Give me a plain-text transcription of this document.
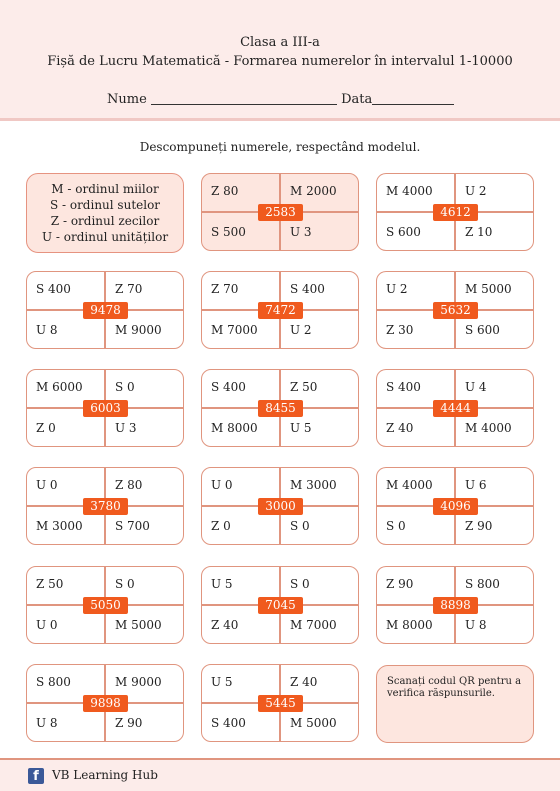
Clasa a III-a
Fișă de Lucru Matematică - Formarea numerelor în intervalul 1-10000
Nume	Data
Descompuneți numerele, respectând modelul.
M - ordinul miilor
S - ordinul sutelor
Z - ordinul zecilor
U - ordinul unităților
Z 80	M 2000
S 500	U 3
2583
M 4000	U 2
S 600	Z 10
4612
S 400	Z 70
U 8	M 9000
9478
Z 70	S 400
M 7000	U 2
7472
U 2	M 5000
Z 30	S 600
5632
M 6000	S 0
Z 0	U 3
6003
S 400	Z 50
M 8000	U 5
8455
S 400	U 4
Z 40	M 4000
4444
U 0	Z 80
M 3000	S 700
3780
U 0	M 3000
Z 0	S 0
3000
M 4000	U 6
S 0	Z 90
4096
Z 50	S 0
U 0	M 5000
5050
U 5	S 0
Z 40	M 7000
7045
Z 90	S 800
M 8000	U 8
8898
S 800	M 9000
U 8	Z 90
9898
U 5	Z 40
S 400	M 5000
5445
Scanați codul QR pentru a verifica răspunsurile.
f	VB Learning Hub
